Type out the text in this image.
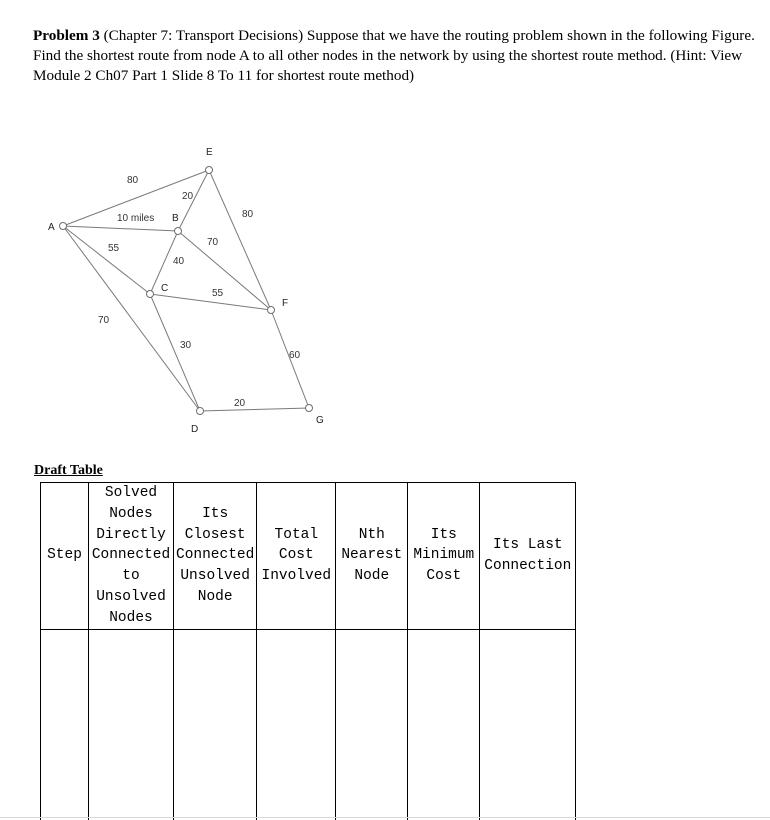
Problem 3 (Chapter 7: Transport Decisions) Suppose that we have the routing problem shown in the following Figure. Find the shortest route from node A to all other nodes in the network by using the shortest route method. (Hint: View Module 2 Ch07 Part 1 Slide 8 To 11 for shortest route method)
A
B
E
C
F
D
G
80
10 miles
55
70
20
40
70
80
55
30
20
60
Draft Table
Step	Solved Nodes Directly Connected to Unsolved Nodes	Its Closest Connected Unsolved Node	Total Cost Involved	Nth Nearest Node	Its Minimum Cost	Its Last Connection
